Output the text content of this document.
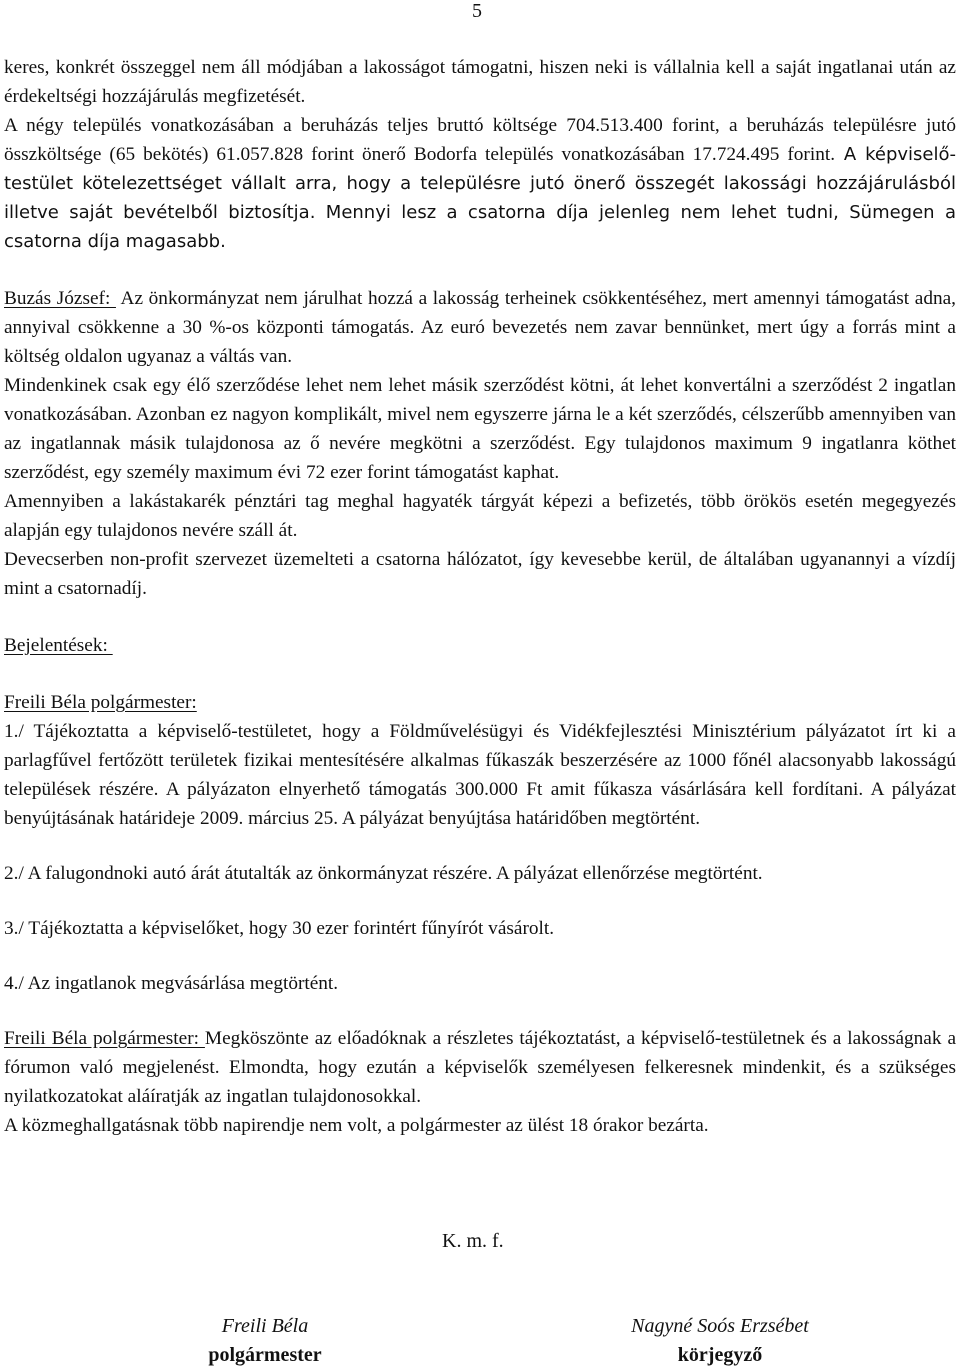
5

keres, konkrét összeggel nem áll módjában a lakosságot támogatni, hiszen neki is vállalnia kell a saját ingatlanai után az érdekeltségi hozzájárulás megfizetését.

A négy település vonatkozásában a beruházás teljes bruttó költsége 704.513.400 forint, a beruházás településre jutó összköltsége (65 bekötés) 61.057.828 forint önerő Bodorfa település vonatkozásában 17.724.495 forint. A képviselő-testület kötelezettséget vállalt arra, hogy a településre jutó önerő összegét lakossági hozzájárulásból illetve saját bevételből biztosítja. Mennyi lesz a csatorna díja jelenleg nem lehet tudni, Sümegen a csatorna díja magasabb.

Buzás József:  Az önkormányzat nem járulhat hozzá a lakosság terheinek csökkentéséhez, mert amennyi támogatást adna, annyival csökkenne a 30 %-os központi támogatás. Az euró bevezetés nem zavar bennünket, mert úgy a forrás mint a költség oldalon ugyanaz a váltás van.

Mindenkinek csak egy élő szerződése lehet nem lehet másik szerződést kötni, át lehet konvertálni a szerződést 2 ingatlan vonatkozásában. Azonban ez nagyon komplikált, mivel nem egyszerre járna le a két szerződés, célszerűbb amennyiben van az ingatlannak másik tulajdonosa az ő nevére megkötni a szerződést. Egy tulajdonos maximum 9 ingatlanra köthet szerződést, egy személy maximum évi 72 ezer forint támogatást kaphat.

Amennyiben a lakástakarék pénztári tag meghal hagyaték tárgyát képezi a befizetés, több örökös esetén megegyezés alapján egy tulajdonos nevére száll át.

Devecserben non-profit szervezet üzemelteti a csatorna hálózatot, így kevesebbe kerül, de általában ugyanannyi a vízdíj mint a csatornadíj.

Bejelentések:

Freili Béla polgármester:

1./ Tájékoztatta a képviselő-testületet, hogy a Földművelésügyi és Vidékfejlesztési Minisztérium pályázatot írt ki a parlagfűvel fertőzött területek fizikai mentesítésére alkalmas fűkaszák beszerzésére az 1000 főnél alacsonyabb lakosságú települések részére. A pályázaton elnyerhető támogatás 300.000 Ft amit fűkasza vásárlására kell fordítani. A pályázat benyújtásának határideje 2009. március 25. A pályázat benyújtása határidőben megtörtént.

2./ A falugondnoki autó árát átutalták az önkormányzat részére. A pályázat ellenőrzése megtörtént.

3./ Tájékoztatta a képviselőket, hogy 30 ezer forintért fűnyírót vásárolt.

4./ Az ingatlanok megvásárlása megtörtént.

Freili Béla polgármester: Megköszönte az előadóknak a részletes tájékoztatást, a képviselő-testületnek és a lakosságnak a fórumon való megjelenést. Elmondta, hogy ezután a képviselők személyesen felkeresnek mindenkit, és a szükséges nyilatkozatokat aláíratják az ingatlan tulajdonosokkal.

A közmeghallgatásnak több napirendje nem volt, a polgármester az ülést 18 órakor bezárta.

K. m. f.
Freili Béla
polgármester
Nagyné Soós Erzsébet
körjegyző
